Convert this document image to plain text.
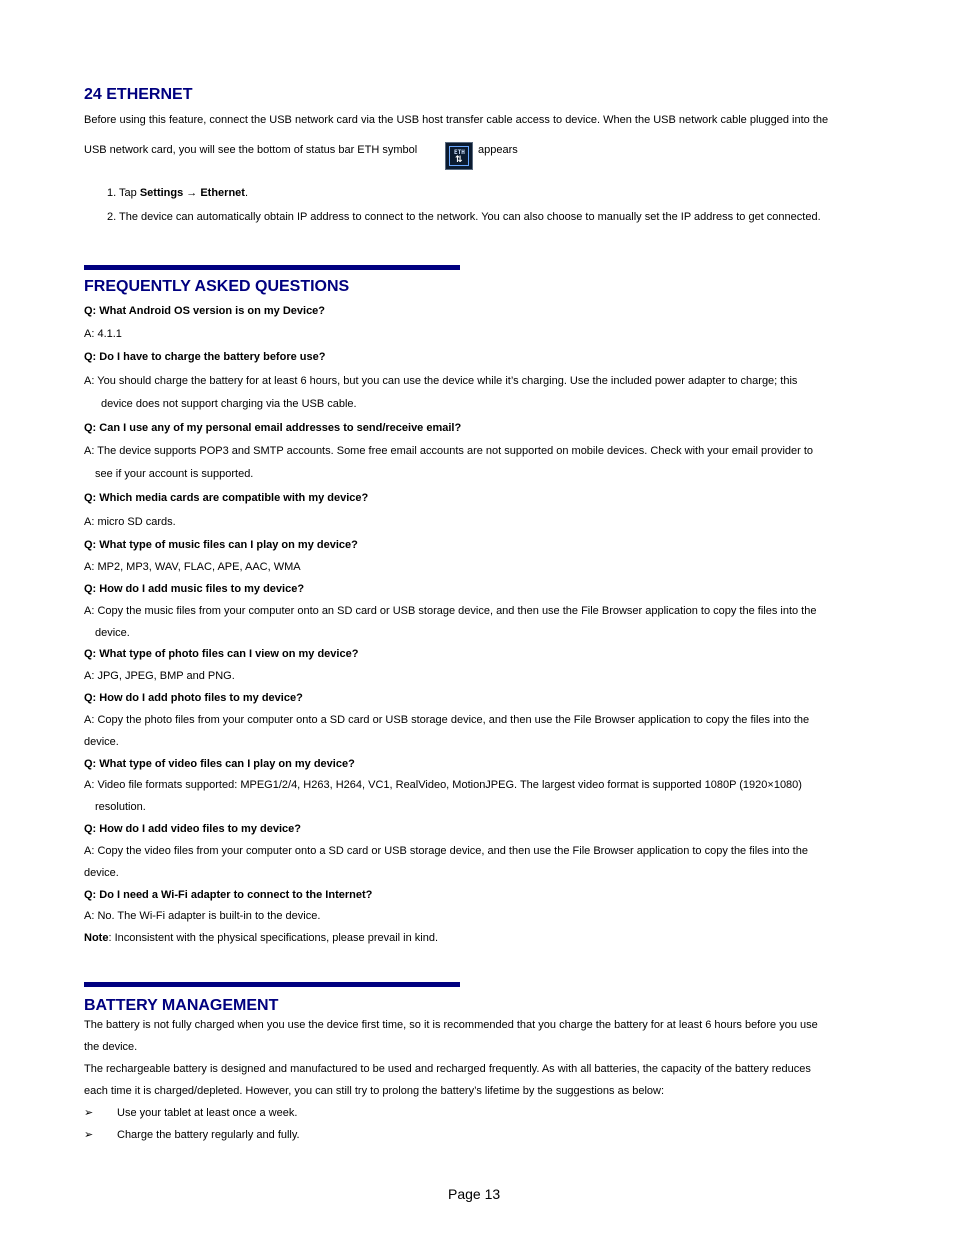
24 ETHERNET
Before using this feature, connect the USB network card via the USB host transfer cable access to device. When the USB network cable plugged into the
USB network card, you will see the bottom of status bar ETH symbol	ETH
⇅
appears
1. Tap Settings → Ethernet.
2. The device can automatically obtain IP address to connect to the network. You can also choose to manually set the IP address to get connected.
FREQUENTLY ASKED QUESTIONS
Q: What Android OS version is on my Device?
A: 4.1.1
Q: Do I have to charge the battery before use?
A: You should charge the battery for at least 6 hours, but you can use the device while it’s charging. Use the included power adapter to charge; this
device does not support charging via the USB cable.
Q: Can I use any of my personal email addresses to send/receive email?
A: The device supports POP3 and SMTP accounts. Some free email accounts are not supported on mobile devices. Check with your email provider to
see if your account is supported.
Q: Which media cards are compatible with my device?
A: micro SD cards.
Q: What type of music files can I play on my device?
A: MP2, MP3, WAV, FLAC, APE, AAC, WMA
Q: How do I add music files to my device?
A: Copy the music files from your computer onto an SD card or USB storage device, and then use the File Browser application to copy the files into the
device.
Q: What type of photo files can I view on my device?
A: JPG, JPEG, BMP and PNG.
Q: How do I add photo files to my device?
A: Copy the photo files from your computer onto a SD card or USB storage device, and then use the File Browser application to copy the files into the
device.
Q: What type of video files can I play on my device?
A: Video file formats supported: MPEG1/2/4, H263, H264, VC1, RealVideo, MotionJPEG. The largest video format is supported 1080P (1920×1080)
resolution.
Q: How do I add video files to my device?
A: Copy the video files from your computer onto a SD card or USB storage device, and then use the File Browser application to copy the files into the
device.
Q: Do I need a Wi-Fi adapter to connect to the Internet?
A: No. The Wi-Fi adapter is built-in to the device.
Note: Inconsistent with the physical specifications, please prevail in kind.
BATTERY MANAGEMENT
The battery is not fully charged when you use the device first time, so it is recommended that you charge the battery for at least 6 hours before you use
the device.
The rechargeable battery is designed and manufactured to be used and recharged frequently. As with all batteries, the capacity of the battery reduces
each time it is charged/depleted. However, you can still try to prolong the battery’s lifetime by the suggestions as below:
➢ Use your tablet at least once a week.
➢ Charge the battery regularly and fully.
Page 13
